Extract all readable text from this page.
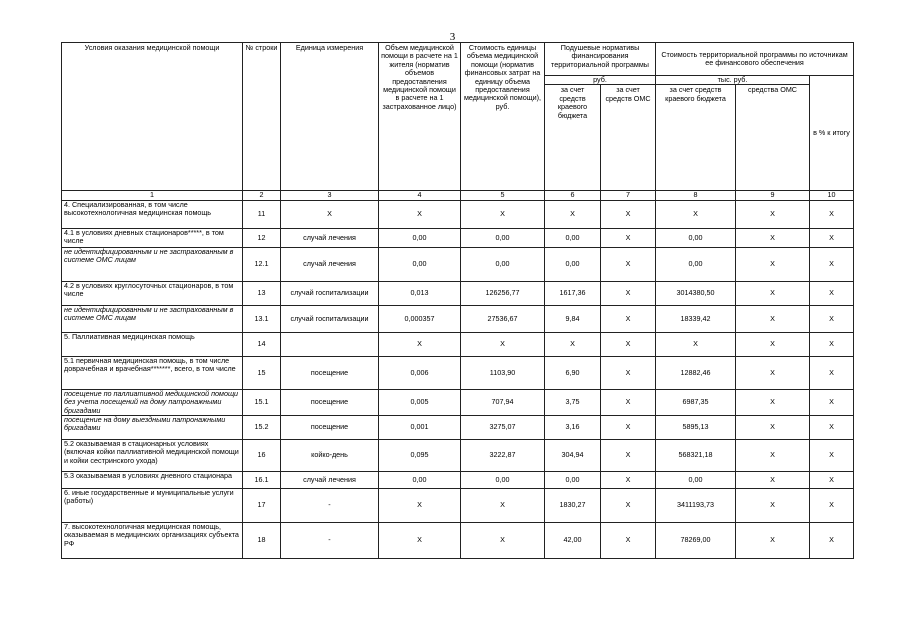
3
Условия оказания медицинской помощи	№ строки	Единица измерения	Объем медицинской помощи в расчете на 1 жителя (норматив объемов предоставления медицинской помощи в расчете на 1 застрахованное лицо)	Стоимость единицы объема медицинской помощи (норматив финансовых затрат на единицу объема предоставления медицинской помощи), руб.	Подушевые нормативы финансирования территориальной программы		Стоимость территориальной программы по источникам ее финансового обеспечения		
					руб.		тыс. руб.		в % к итогу
					за счет средств краевого бюджета	за счет средств ОМС	за счет средств краевого бюджета	средства ОМС	
1	2	3	4	5	6	7	8	9	10
4. Специализированная, в том числе высокотехнологичная медицинская помощь	11	Х	Х	Х	Х	Х	Х	Х	Х
4.1 в условиях дневных стационаров*****, в том числе	12	случай лечения	0,00	0,00	0,00	Х	0,00	Х	Х
не идентифицированным и не застрахованным в системе ОМС лицам	12.1	случай лечения	0,00	0,00	0,00	Х	0,00	Х	Х
4.2 в условиях круглосуточных стационаров, в том числе	13	случай госпитализации	0,013	126256,77	1617,36	Х	3014380,50	Х	Х
не идентифицированным и не застрахованным в системе ОМС лицам	13.1	случай госпитализации	0,000357	27536,67	9,84	Х	18339,42	Х	Х
5. Паллиативная медицинская помощь	14		Х	Х	Х	Х	Х	Х	Х
5.1 первичная медицинская помощь, в том числе доврачебная и врачебная*******, всего, в том числе	15	посещение	0,006	1103,90	6,90	Х	12882,46	Х	Х
посещение по паллиативной медицинской помощи без учета посещений на дому патронажными бригадами	15.1	посещение	0,005	707,94	3,75	Х	6987,35	Х	Х
посещение на дому выездными патронажными бригадами	15.2	посещение	0,001	3275,07	3,16	Х	5895,13	Х	Х
5.2 оказываемая в стационарных условиях (включая койки паллиативной медицинской помощи и койки сестринского ухода)	16	койко-день	0,095	3222,87	304,94	Х	568321,18	Х	Х
5.3 оказываемая в условиях дневного стационара	16.1	случай лечения	0,00	0,00	0,00	Х	0,00	Х	Х
6. иные государственные и муниципальные услуги (работы)	17	-	Х	Х	1830,27	Х	3411193,73	Х	Х
7. высокотехнологичная медицинская помощь, оказываемая в медицинских организациях субъекта РФ	18	-	Х	Х	42,00	Х	78269,00	Х	Х
